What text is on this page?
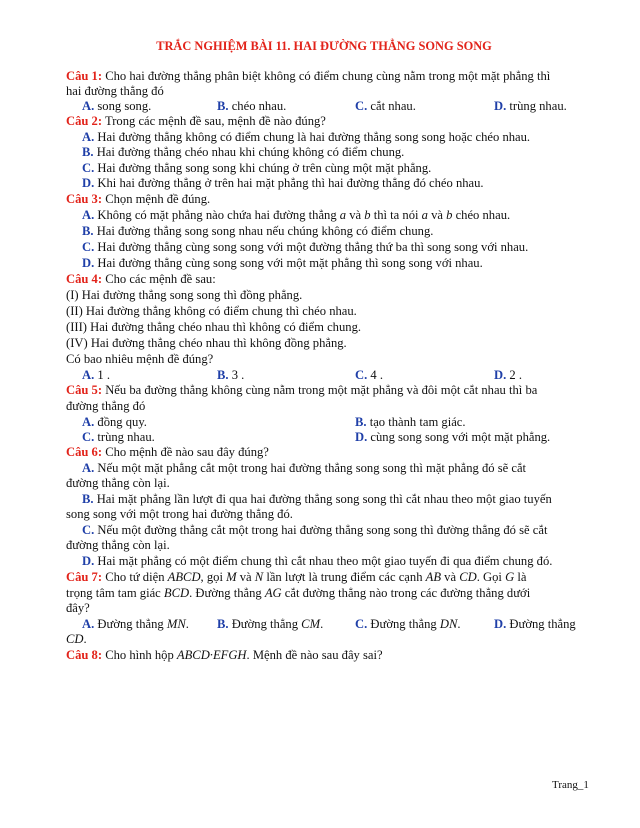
TRẮC NGHIỆM BÀI 11. HAI ĐƯỜNG THẲNG SONG SONG
Câu 1: Cho hai đường thẳng phân biệt không có điểm chung cùng nằm trong một mặt phẳng thì
hai đường thẳng đó
A. song song.	B. chéo nhau.	C. cắt nhau.	D. trùng nhau.
Câu 2: Trong các mệnh đề sau, mệnh đề nào đúng?
A. Hai đường thẳng không có điểm chung là hai đường thẳng song song hoặc chéo nhau.
B. Hai đường thẳng chéo nhau khi chúng không có điểm chung.
C. Hai đường thẳng song song khi chúng ở trên cùng một mặt phẳng.
D. Khi hai đường thẳng ở trên hai mặt phẳng thì hai đường thẳng đó chéo nhau.
Câu 3: Chọn mệnh đề đúng.
A. Không có mặt phẳng nào chứa hai đường thẳng a và b thì ta nói a và b chéo nhau.
B. Hai đường thẳng song song nhau nếu chúng không có điểm chung.
C. Hai đường thẳng cùng song song với một đường thẳng thứ ba thì song song với nhau.
D. Hai đường thẳng cùng song song với một mặt phẳng thì song song với nhau.
Câu 4: Cho các mệnh đề sau:
(I) Hai đường thẳng song song thì đồng phẳng.
(II) Hai đường thẳng không có điểm chung thì chéo nhau.
(III) Hai đường thẳng chéo nhau thì không có điểm chung.
(IV) Hai đường thẳng chéo nhau thì không đồng phẳng.
Có bao nhiêu mệnh đề đúng?
A. 1 .	B. 3 .	C. 4 .	D. 2 .
Câu 5: Nếu ba đường thẳng không cùng nằm trong một mặt phẳng và đôi một cắt nhau thì ba
đường thẳng đó
A. đồng quy.	B. tạo thành tam giác.
C. trùng nhau.	D. cùng song song với một mặt phẳng.
Câu 6: Cho mệnh đề nào sau đây đúng?
A. Nếu một mặt phẳng cắt một trong hai đường thẳng song song thì mặt phẳng đó sẽ cắt
đường thẳng còn lại.
B. Hai mặt phẳng lần lượt đi qua hai đường thẳng song song thì cắt nhau theo một giao tuyến
song song với một trong hai đường thẳng đó.
C. Nếu một đường thẳng cắt một trong hai đường thẳng song song thì đường thẳng đó sẽ cắt
đường thẳng còn lại.
D. Hai mặt phẳng có một điểm chung thì cắt nhau theo một giao tuyến đi qua điểm chung đó.
Câu 7: Cho tứ diện ABCD, gọi M và N lần lượt là trung điểm các cạnh AB và CD. Gọi G là
trọng tâm tam giác BCD. Đường thẳng AG cắt đường thẳng nào trong các đường thẳng dưới
đây?
A. Đường thẳng MN. B. Đường thẳng CM.	C. Đường thẳng DN.	D. Đường thẳng
CD.
Câu 8: Cho hình hộp ABCD·EFGH. Mệnh đề nào sau đây sai?
Trang_1
